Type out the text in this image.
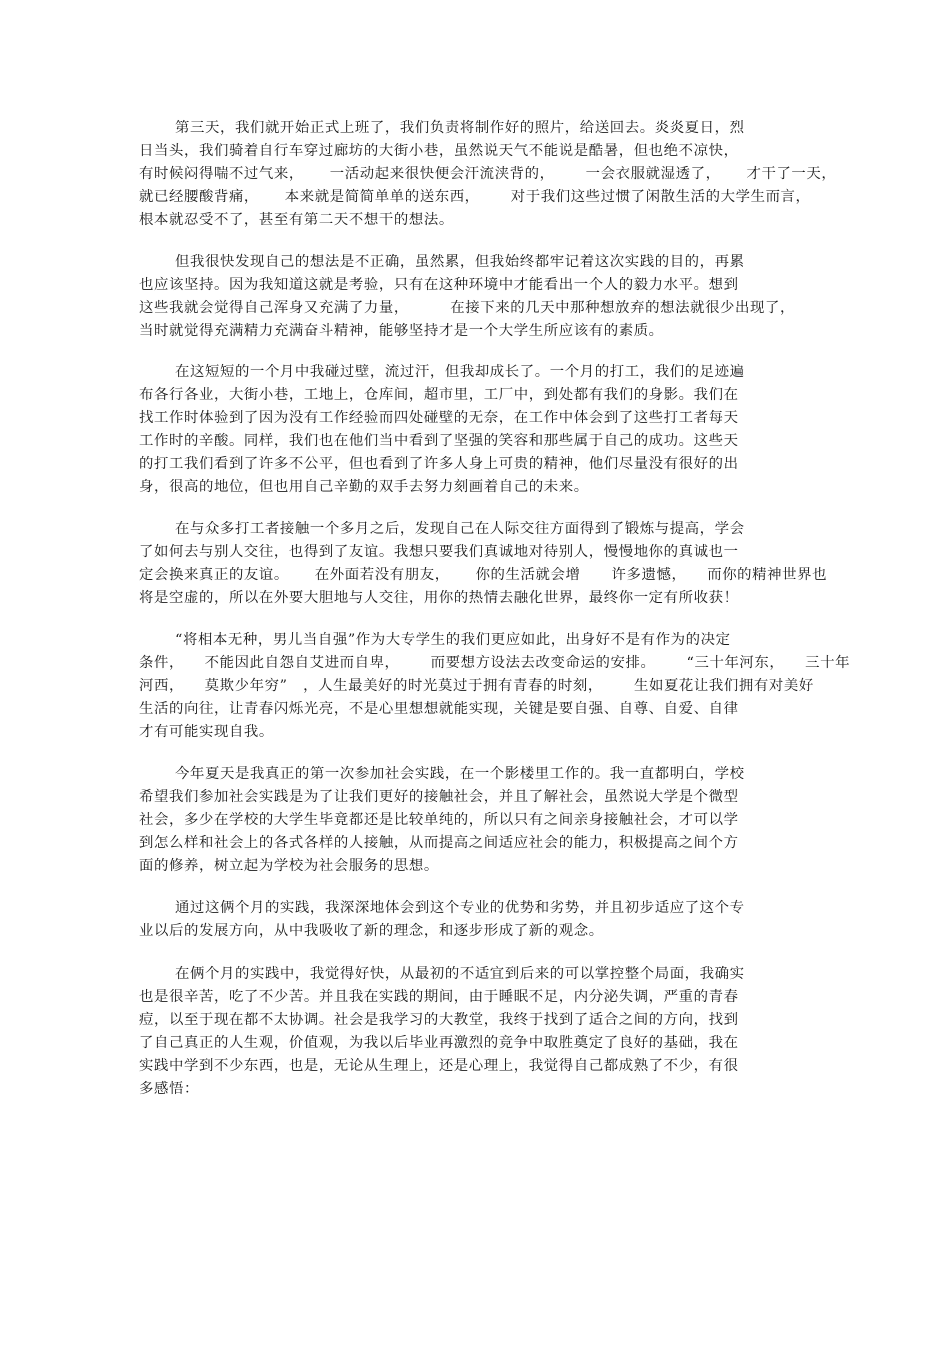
第三天，我们就开始正式上班了，我们负责将制作好的照片，给送回去。炎炎夏日，烈
日当头，我们骑着自行车穿过廊坊的大街小巷，虽然说天气不能说是酷暑，但也绝不凉快，
有时候闷得喘不过气来，     一活动起来很快便会汗流浃背的，      一会衣服就湿透了，     才干了一天，
就已经腰酸背痛，     本来就是简简单单的送东西，      对于我们这些过惯了闲散生活的大学生而言，
根本就忍受不了，甚至有第二天不想干的想法。
但我很快发现自己的想法是不正确，虽然累，但我始终都牢记着这次实践的目的，再累
也应该坚持。因为我知道这就是考验，只有在这种环境中才能看出一个人的毅力水平。想到
这些我就会觉得自己浑身又充满了力量，        在接下来的几天中那种想放弃的想法就很少出现了，
当时就觉得充满精力充满奋斗精神，能够坚持才是一个大学生所应该有的素质。
在这短短的一个月中我碰过壁，流过汗，但我却成长了。一个月的打工，我们的足迹遍
布各行各业，大街小巷，工地上，仓库间，超市里，工厂中，到处都有我们的身影。我们在
找工作时体验到了因为没有工作经验而四处碰壁的无奈，在工作中体会到了这些打工者每天
工作时的辛酸。同样，我们也在他们当中看到了坚强的笑容和那些属于自己的成功。这些天
的打工我们看到了许多不公平，但也看到了许多人身上可贵的精神，他们尽量没有很好的出
身，很高的地位，但也用自己辛勤的双手去努力刻画着自己的未来。
在与众多打工者接触一个多月之后，发现自己在人际交往方面得到了锻炼与提高，学会
了如何去与别人交往，也得到了友谊。我想只要我们真诚地对待别人，慢慢地你的真诚也一
定会换来真正的友谊。     在外面若没有朋友，     你的生活就会增      许多遗憾，    而你的精神世界也
将是空虚的，所以在外要大胆地与人交往，用你的热情去融化世界，最终你一定有所收获！
“将相本无种，男儿当自强”作为大专学生的我们更应如此，出身好不是有作为的决定
条件，    不能因此自怨自艾进而自卑，      而要想方设法去改变命运的安排。      “三十年河东，    三十年
河西，    莫欺少年穷”   ，人生最美好的时光莫过于拥有青春的时刻，      生如夏花让我们拥有对美好
生活的向往，让青春闪烁光亮，不是心里想想就能实现，关键是要自强、自尊、自爱、自律
才有可能实现自我。
今年夏天是我真正的第一次参加社会实践，在一个影楼里工作的。我一直都明白，学校
希望我们参加社会实践是为了让我们更好的接触社会，并且了解社会，虽然说大学是个微型
社会，多少在学校的大学生毕竟都还是比较单纯的，所以只有之间亲身接触社会，才可以学
到怎么样和社会上的各式各样的人接触，从而提高之间适应社会的能力，积极提高之间个方
面的修养，树立起为学校为社会服务的思想。
通过这俩个月的实践，我深深地体会到这个专业的优势和劣势，并且初步适应了这个专
业以后的发展方向，从中我吸收了新的理念，和逐步形成了新的观念。
在俩个月的实践中，我觉得好快，从最初的不适宜到后来的可以掌控整个局面，我确实
也是很辛苦，吃了不少苦。并且我在实践的期间，由于睡眠不足，内分泌失调，严重的青春
痘，以至于现在都不太协调。社会是我学习的大教堂，我终于找到了适合之间的方向，找到
了自己真正的人生观，价值观，为我以后毕业再激烈的竞争中取胜奠定了良好的基础，我在
实践中学到不少东西，也是，无论从生理上，还是心理上，我觉得自己都成熟了不少，有很
多感悟：
